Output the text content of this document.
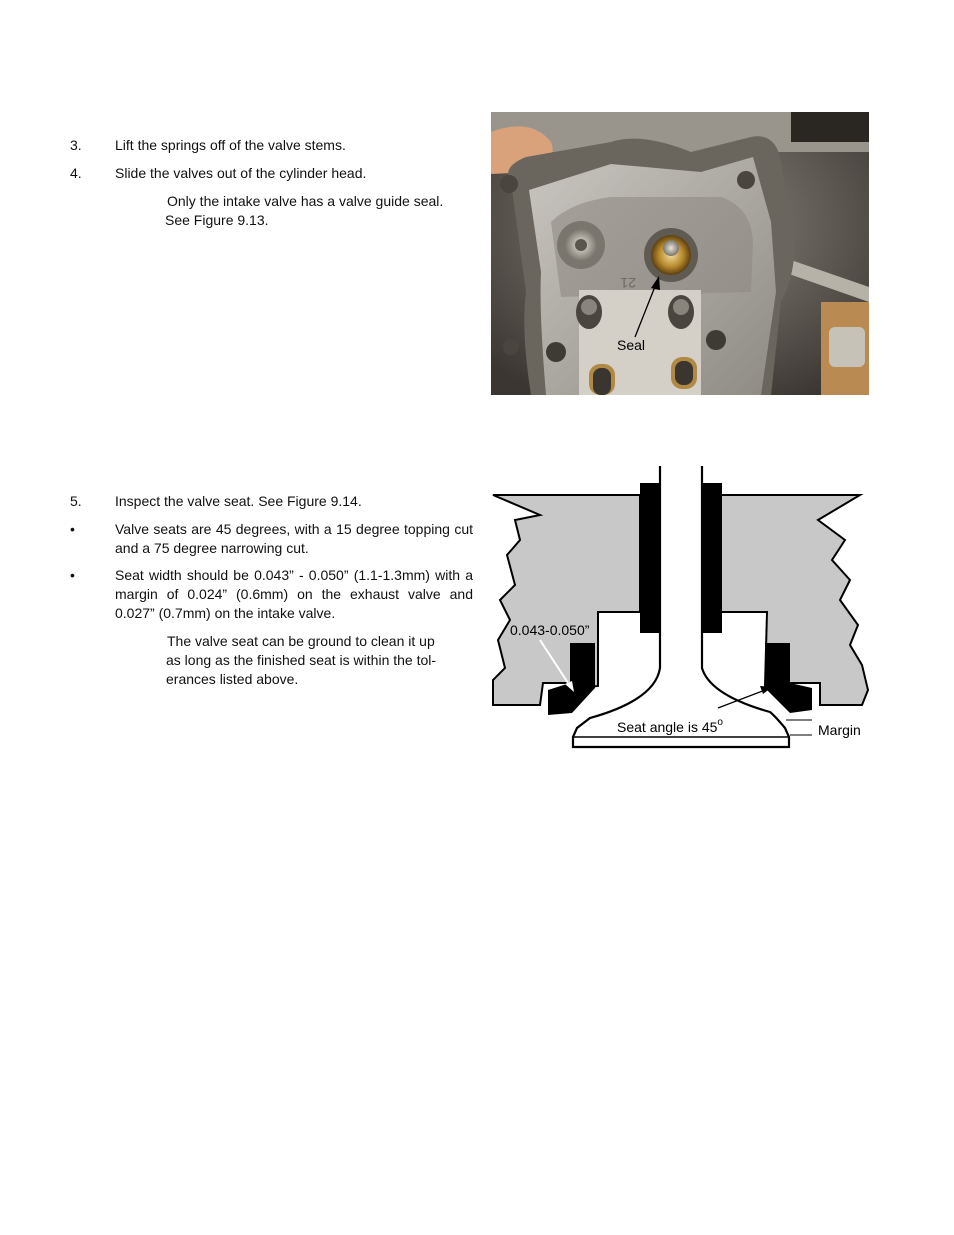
3. Lift the springs off of the valve stems.
4. Slide the valves out of the cylinder head.
Only the intake valve has a valve guide seal.
See Figure 9.13.
21
Seal
5. Inspect the valve seat. See Figure 9.14.
•	Valve seats are 45 degrees, with a 15 degree topping cut and a 75 degree narrowing cut.
•	Seat width should be 0.043” - 0.050” (1.1-1.3mm) with a margin of 0.024” (0.6mm) on the exhaust valve and 0.027” (0.7mm) on the intake valve.
The valve seat can be ground to clean it up
as long as the finished seat is within the tol-
erances listed above.
0.043-0.050”
Seat angle is 45$^o$	Margin
